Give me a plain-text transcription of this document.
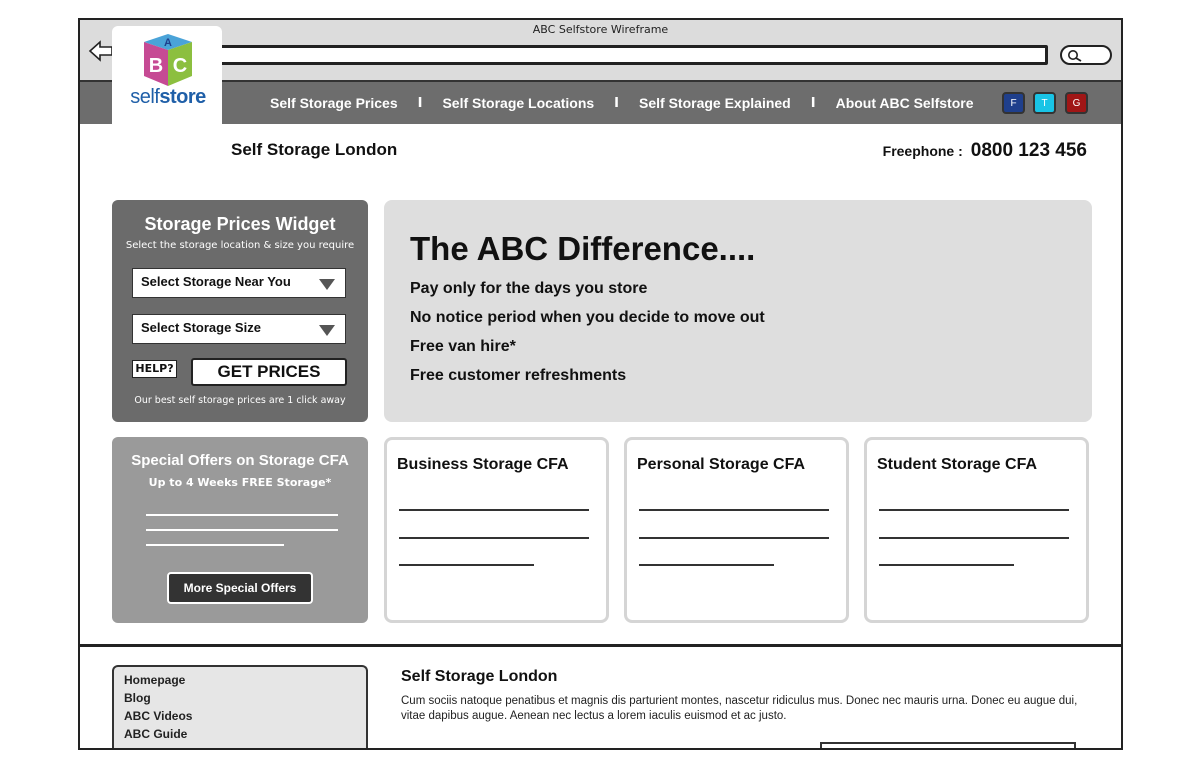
ABC Selfstore Wireframe
Self Storage Prices I Self Storage Locations I Self Storage Explained I About ABC Selfstore	F	T	G
A
B C
selfstore
Self Storage London	Freephone : 0800 123 456
Storage Prices Widget
Select the storage location & size you require
Select Storage Near You
Select Storage Size
HELP?	GET PRICES
Our best self storage prices are 1 click away
The ABC Difference....
Pay only for the days you store
No notice period when you decide to move out
Free van hire*
Free customer refreshments
Special Offers on Storage CFA
Up to 4 Weeks FREE Storage*
More Special Offers
Business Storage CFA	Personal Storage CFA	Student Storage CFA
Homepage
Blog
ABC Videos
ABC Guide
Self Storage London

Cum sociis natoque penatibus et magnis dis parturient montes, nascetur ridiculus mus. Donec nec mauris urna. Donec eu augue dui, vitae dapibus augue. Aenean nec lectus a lorem iaculis euismod et ac justo.
